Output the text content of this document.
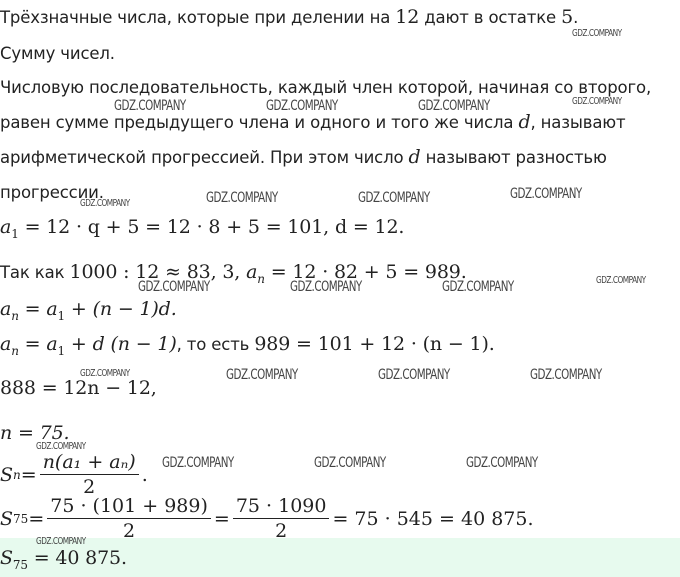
Трёхзначные числа, которые при делении на 12 дают в остатке 5.
Сумму чисел.
Числовую последовательность, каждый член которой, начиная со второго,
равен сумме предыдущего члена и одного и того же числа d, называют
арифметической прогрессией. При этом число d называют разностью
прогрессии.
$a_1 = 12 \cdot q + 5 = 12 \cdot 8 + 5 = 101$, d = 12.
Так как 1000 : 12 ≈ 83, 3, $a_n = 12 \cdot 82 + 5 = 989$.
$a_n = a_1 + (n - 1)d$.
$a_n = a_1 + d$ (n − 1), то есть 989 = 101 + 12 · (n − 1).
888 = 12n − 12,
n = 75.
S $n = \frac{\text{n(a₁ + aₙ)}}{2}$ .
S $75 = \frac{75 \cdot (101 + 989)}{2} = \frac{75 \cdot 1090}{2} = 75 \cdot 545 = 40$ 875.
$S_{75} = 40$ 875.
GDZ.COMPANY
GDZ.COMPANY	GDZ.COMPANY	GDZ.COMPANY	GDZ.COMPANY
GDZ.COMPANY	GDZ.COMPANY	GDZ.COMPANY	GDZ.COMPANY
GDZ.COMPANY
GDZ.COMPANY	GDZ.COMPANY	GDZ.COMPANY
GDZ.COMPANY	GDZ.COMPANY	GDZ.COMPANY	GDZ.COMPANY
GDZ.COMPANY
GDZ.COMPANY	GDZ.COMPANY	GDZ.COMPANY
GDZ.COMPANY
